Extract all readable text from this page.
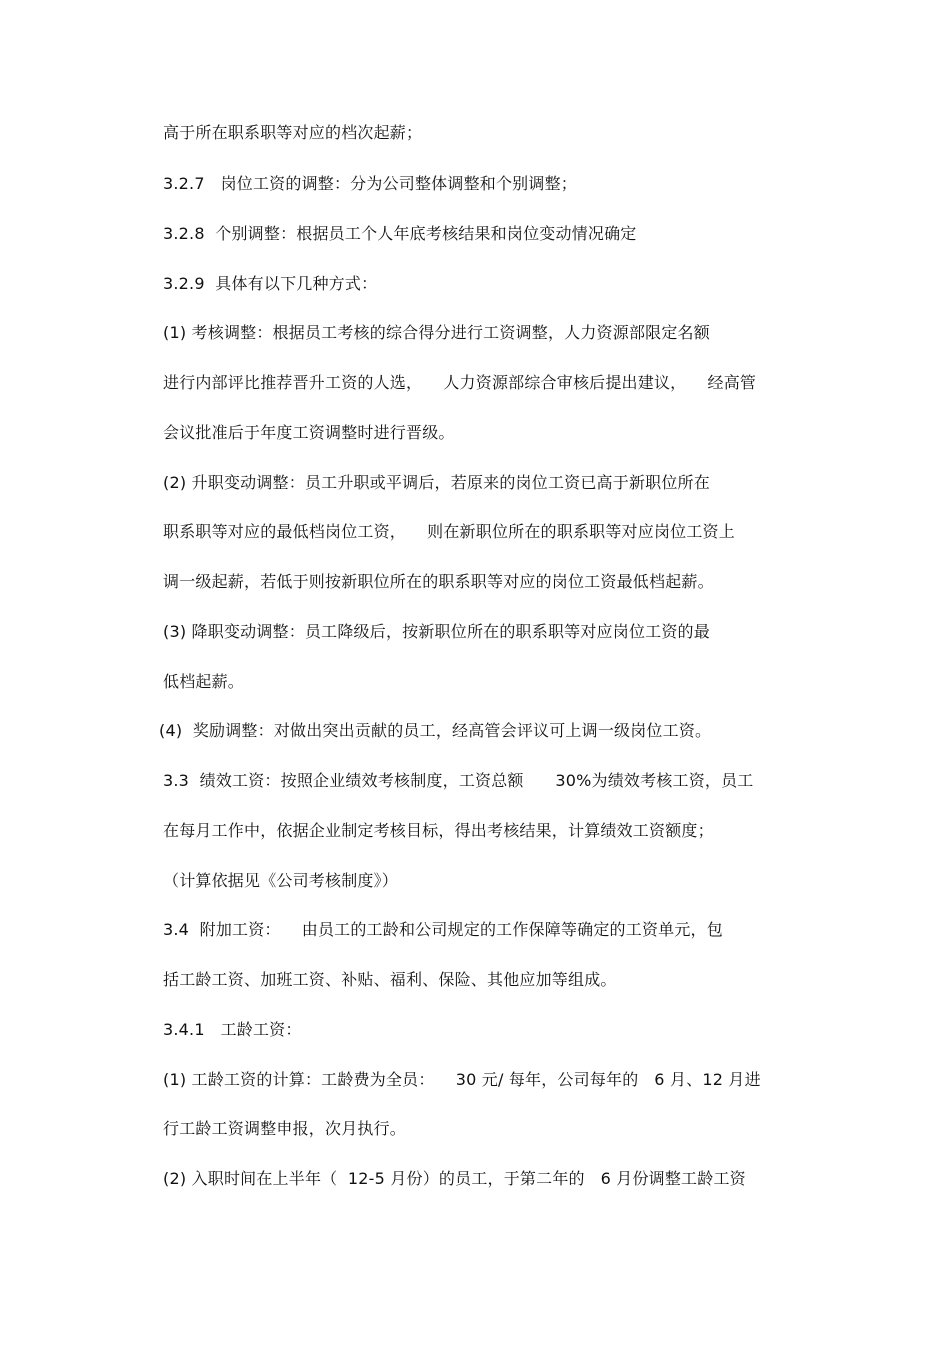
高于所在职系职等对应的档次起薪；
3.2.7   岗位工资的调整：分为公司整体调整和个别调整；
3.2.8  个别调整：根据员工个人年底考核结果和岗位变动情况确定
3.2.9  具体有以下几种方式：
(1) 考核调整：根据员工考核的综合得分进行工资调整，人力资源部限定名额
进行内部评比推荐晋升工资的人选，    人力资源部综合审核后提出建议，    经高管
会议批准后于年度工资调整时进行晋级。
(2) 升职变动调整：员工升职或平调后，若原来的岗位工资已高于新职位所在
职系职等对应的最低档岗位工资，    则在新职位所在的职系职等对应岗位工资上
调一级起薪，若低于则按新职位所在的职系职等对应的岗位工资最低档起薪。
(3) 降职变动调整：员工降级后，按新职位所在的职系职等对应岗位工资的最
低档起薪。
(4)  奖励调整：对做出突出贡献的员工，经高管会评议可上调一级岗位工资。
3.3  绩效工资：按照企业绩效考核制度，工资总额      30%为绩效考核工资，员工
在每月工作中，依据企业制定考核目标，得出考核结果，计算绩效工资额度；
（计算依据见《公司考核制度》）
3.4  附加工资：    由员工的工龄和公司规定的工作保障等确定的工资单元，包
括工龄工资、加班工资、补贴、福利、保险、其他应加等组成。
3.4.1   工龄工资：
(1) 工龄工资的计算：工龄费为全员：    30 元/ 每年，公司每年的   6 月、12 月进
行工龄工资调整申报，次月执行。
(2) 入职时间在上半年（  12-5 月份）的员工，于第二年的   6 月份调整工龄工资
